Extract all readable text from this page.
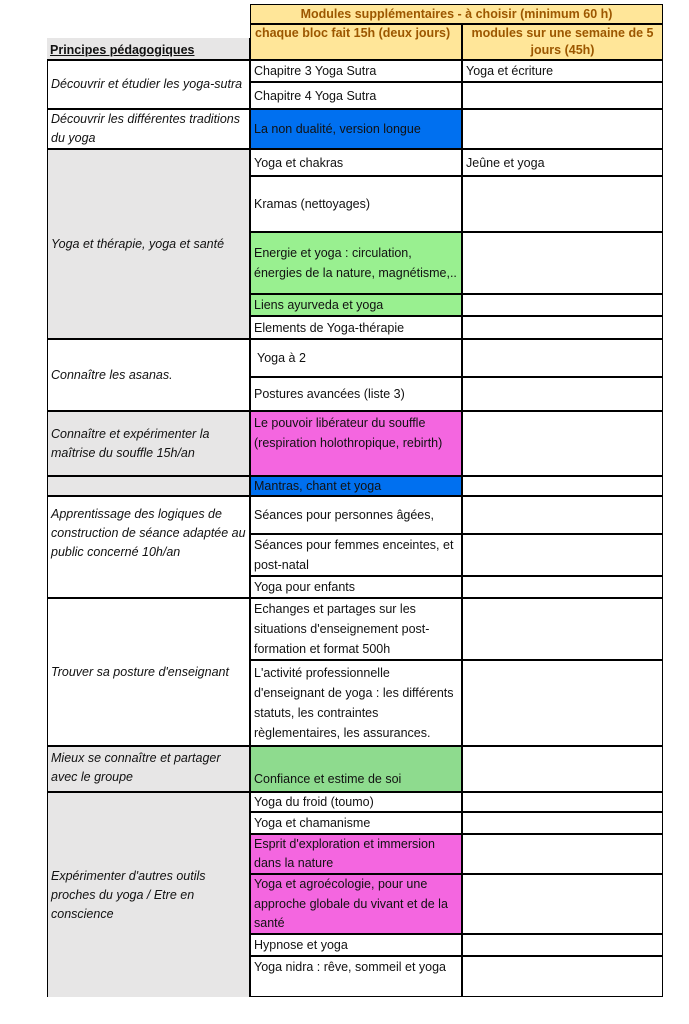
Modules supplémentaires - à choisir (minimum 60 h)
Principes pédagogiques
chaque bloc fait 15h (deux jours)	modules sur une semaine de 5 jours (45h)
Découvrir et étudier les yoga-sutra
Découvrir les différentes traditions du yoga
Yoga et thérapie, yoga et santé
Connaître les asanas.
Connaître et expérimenter la maîtrise du souffle 15h/an
Apprentissage des logiques de construction de séance adaptée au public concerné 10h/an
Trouver sa posture d'enseignant
Mieux se connaître et partager avec le groupe
Expérimenter d'autres outils proches du yoga / Etre en conscience
Chapitre 3 Yoga Sutra
Chapitre 4 Yoga Sutra
La non dualité, version longue
Yoga et chakras
Kramas (nettoyages)
Energie et yoga : circulation, énergies de la nature, magnétisme,..
Liens ayurveda et yoga
Elements de Yoga-thérapie
Yoga à 2
Postures avancées (liste 3)
Le pouvoir libérateur du souffle (respiration holothropique, rebirth)
Mantras, chant et yoga
Séances pour personnes âgées,
Séances pour femmes enceintes, et post-natal
Yoga pour enfants
Echanges et partages sur les situations d'enseignement post-formation et format 500h
L'activité professionnelle d'enseignant de yoga : les différents statuts, les contraintes règlementaires, les assurances.
Confiance et estime de soi
Yoga du froid (toumo)
Yoga et chamanisme
Esprit d'exploration et immersion dans la nature
Yoga et agroécologie, pour une approche globale du vivant et de la santé
Hypnose et yoga
Yoga nidra : rêve, sommeil et yoga
Yoga et écriture
Jeûne et yoga
